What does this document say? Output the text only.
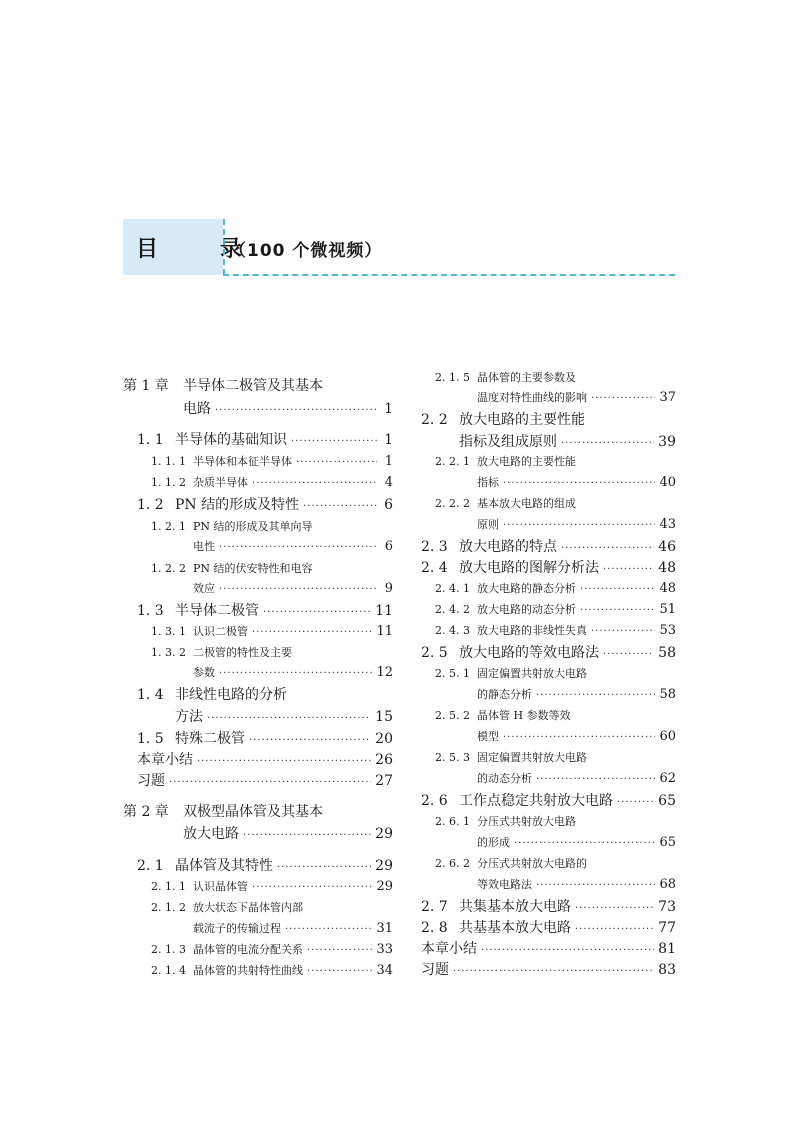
目　录
（100 个微视频）
第 1 章	半导体二极管及其基本
电路 ·····	1
1. 1 半导体的基础知识 ·····	1
1. 1. 1 半导体和本征半导体 ·····	1
1. 1. 2 杂质半导体 ·····	4
1. 2 PN 结的形成及特性 ·····	6
1. 2. 1 PN 结的形成及其单向导
电性 ·····	6
1. 2. 2 PN 结的伏安特性和电容
效应 ·····	9
1. 3 半导体二极管 ·····	11
1. 3. 1 认识二极管 ·····	11
1. 3. 2 二极管的特性及主要
参数 ·····	12
1. 4 非线性电路的分析
方法 ·····	15
1. 5 特殊二极管 ·····	20
本章小结 ·····	26
习题 ·····	27
第 2 章	双极型晶体管及其基本
放大电路 ·····	29
2. 1 晶体管及其特性 ·····	29
2. 1. 1 认识晶体管 ·····	29
2. 1. 2 放大状态下晶体管内部
载流子的传输过程 ·····	31
2. 1. 3 晶体管的电流分配关系 ·····	33
2. 1. 4 晶体管的共射特性曲线 ·····	34
2. 1. 5 晶体管的主要参数及
温度对特性曲线的影响 ·····	37
2. 2 放大电路的主要性能
指标及组成原则 ·····	39
2. 2. 1 放大电路的主要性能
指标 ·····	40
2. 2. 2 基本放大电路的组成
原则 ·····	43
2. 3 放大电路的特点 ·····	46
2. 4 放大电路的图解分析法 ·····	48
2. 4. 1 放大电路的静态分析 ·····	48
2. 4. 2 放大电路的动态分析 ·····	51
2. 4. 3 放大电路的非线性失真 ·····	53
2. 5 放大电路的等效电路法 ·····	58
2. 5. 1 固定偏置共射放大电路
的静态分析 ·····	58
2. 5. 2 晶体管 H 参数等效
模型 ·····	60
2. 5. 3 固定偏置共射放大电路
的动态分析 ·····	62
2. 6 工作点稳定共射放大电路 ·····	65
2. 6. 1 分压式共射放大电路
的形成 ·····	65
2. 6. 2 分压式共射放大电路的
等效电路法 ·····	68
2. 7 共集基本放大电路 ·····	73
2. 8 共基基本放大电路 ·····	77
本章小结 ·····	81
习题 ·····	83
